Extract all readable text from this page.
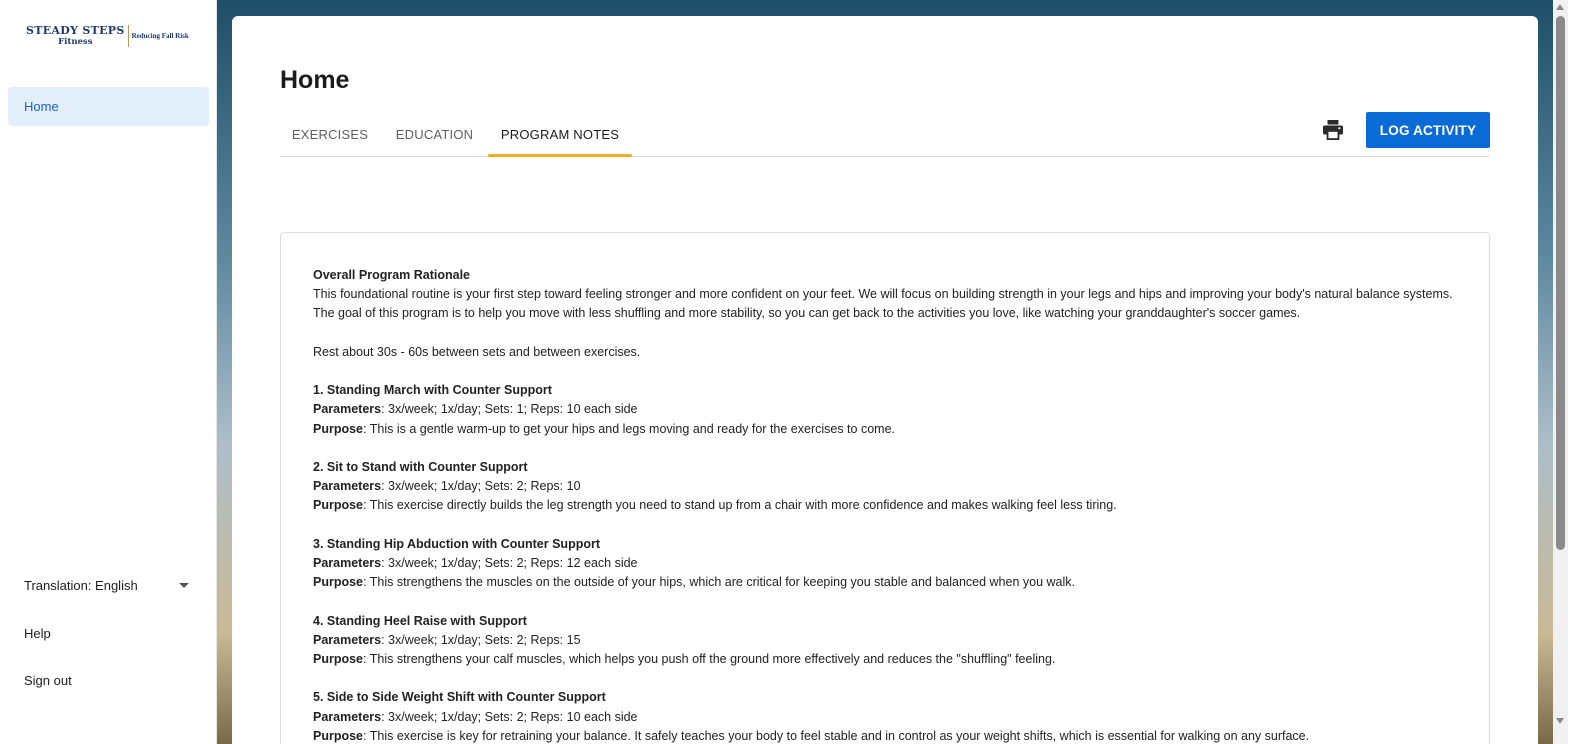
STEADY STEPS
Fitness
Reducing Fall Risk
Home
Translation: English
Help
Sign out
Home
EXERCISES	EDUCATION	PROGRAM NOTES	LOG ACTIVITY

Overall Program Rationale
This foundational routine is your first step toward feeling stronger and more confident on your feet. We will focus on building strength in your legs and hips and improving your body's natural balance systems. The goal of this program is to help you move with less shuffling and more stability, so you can get back to the activities you love, like watching your granddaughter's soccer games.

Rest about 30s - 60s between sets and between exercises.

1. Standing March with Counter Support
Parameters: 3x/week; 1x/day; Sets: 1; Reps: 10 each side
Purpose: This is a gentle warm-up to get your hips and legs moving and ready for the exercises to come.

2. Sit to Stand with Counter Support
Parameters: 3x/week; 1x/day; Sets: 2; Reps: 10
Purpose: This exercise directly builds the leg strength you need to stand up from a chair with more confidence and makes walking feel less tiring.

3. Standing Hip Abduction with Counter Support
Parameters: 3x/week; 1x/day; Sets: 2; Reps: 12 each side
Purpose: This strengthens the muscles on the outside of your hips, which are critical for keeping you stable and balanced when you walk.

4. Standing Heel Raise with Support
Parameters: 3x/week; 1x/day; Sets: 2; Reps: 15
Purpose: This strengthens your calf muscles, which helps you push off the ground more effectively and reduces the "shuffling" feeling.

5. Side to Side Weight Shift with Counter Support
Parameters: 3x/week; 1x/day; Sets: 2; Reps: 10 each side
Purpose: This exercise is key for retraining your balance. It safely teaches your body to feel stable and in control as your weight shifts, which is essential for walking on any surface.
